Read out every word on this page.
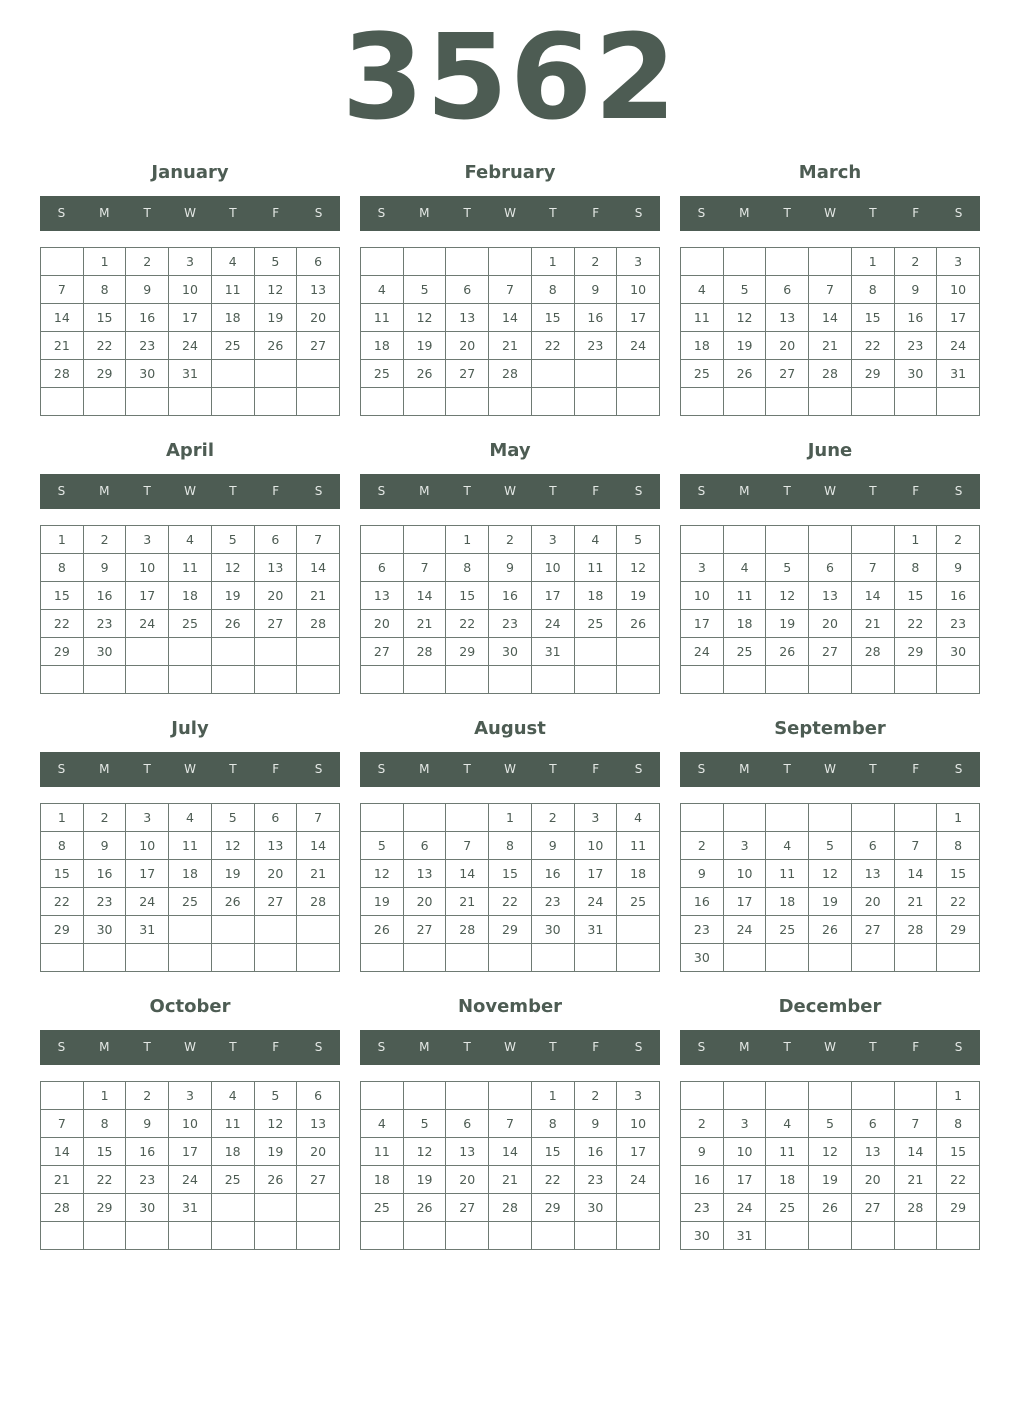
3562
January
S	M	T	W	T	F	S
	1	2	3	4	5	6
7	8	9	10	11	12	13
14	15	16	17	18	19	20
21	22	23	24	25	26	27
28	29	30	31			

February
S	M	T	W	T	F	S
				1	2	3
4	5	6	7	8	9	10
11	12	13	14	15	16	17
18	19	20	21	22	23	24
25	26	27	28			

March
S	M	T	W	T	F	S
				1	2	3
4	5	6	7	8	9	10
11	12	13	14	15	16	17
18	19	20	21	22	23	24
25	26	27	28	29	30	31

April
S	M	T	W	T	F	S
1	2	3	4	5	6	7
8	9	10	11	12	13	14
15	16	17	18	19	20	21
22	23	24	25	26	27	28
29	30					

May
S	M	T	W	T	F	S
		1	2	3	4	5
6	7	8	9	10	11	12
13	14	15	16	17	18	19
20	21	22	23	24	25	26
27	28	29	30	31		

June
S	M	T	W	T	F	S
					1	2
3	4	5	6	7	8	9
10	11	12	13	14	15	16
17	18	19	20	21	22	23
24	25	26	27	28	29	30

July
S	M	T	W	T	F	S
1	2	3	4	5	6	7
8	9	10	11	12	13	14
15	16	17	18	19	20	21
22	23	24	25	26	27	28
29	30	31				

August
S	M	T	W	T	F	S
			1	2	3	4
5	6	7	8	9	10	11
12	13	14	15	16	17	18
19	20	21	22	23	24	25
26	27	28	29	30	31	

September
S	M	T	W	T	F	S
						1
2	3	4	5	6	7	8
9	10	11	12	13	14	15
16	17	18	19	20	21	22
23	24	25	26	27	28	29
30						
October
S	M	T	W	T	F	S
	1	2	3	4	5	6
7	8	9	10	11	12	13
14	15	16	17	18	19	20
21	22	23	24	25	26	27
28	29	30	31			

November
S	M	T	W	T	F	S
				1	2	3
4	5	6	7	8	9	10
11	12	13	14	15	16	17
18	19	20	21	22	23	24
25	26	27	28	29	30	

December
S	M	T	W	T	F	S
						1
2	3	4	5	6	7	8
9	10	11	12	13	14	15
16	17	18	19	20	21	22
23	24	25	26	27	28	29
30	31					
